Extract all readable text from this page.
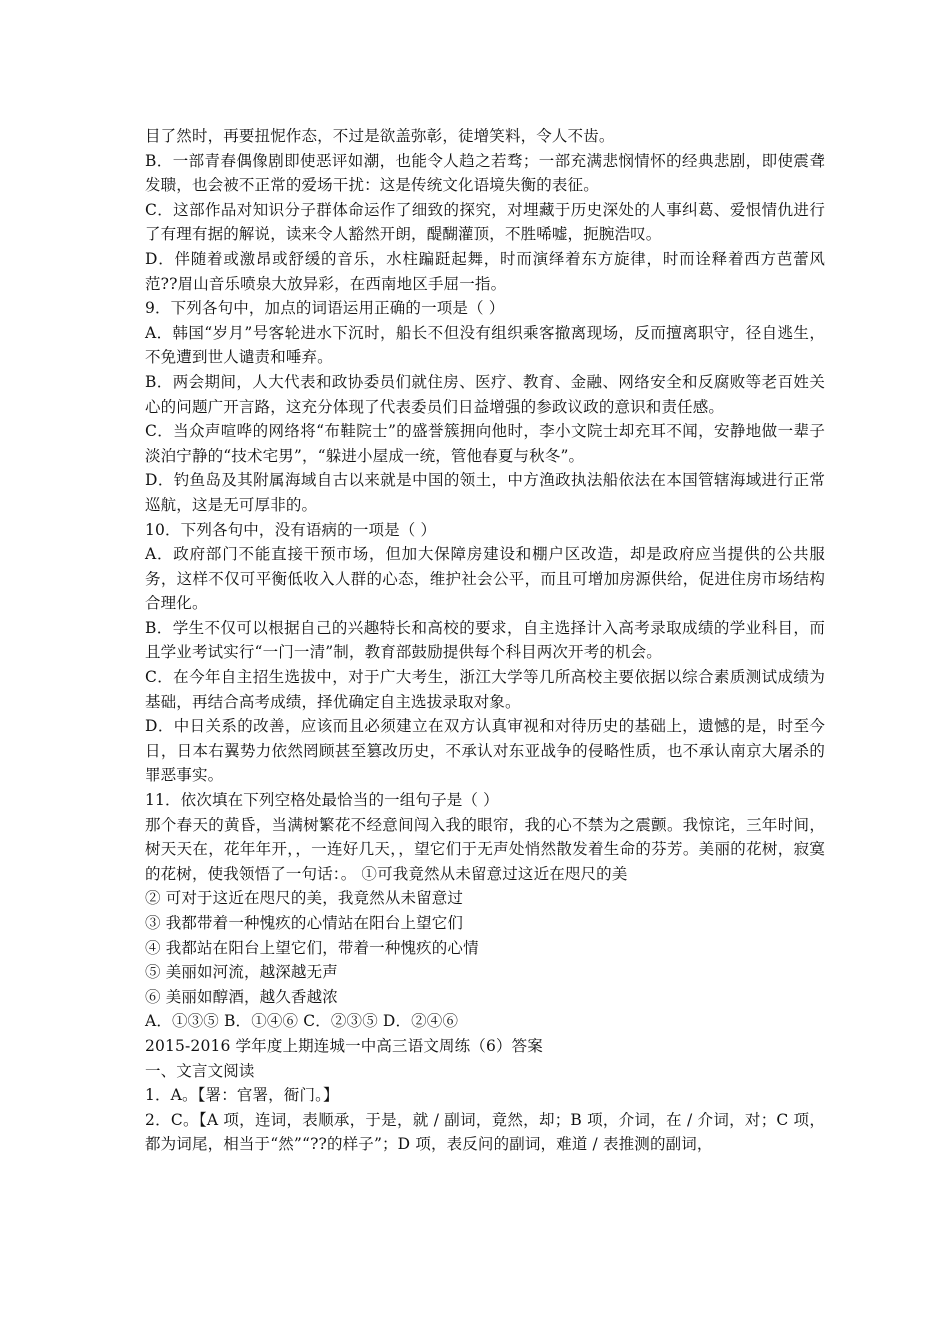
目了然时，再要扭怩作态，不过是欲盖弥彰，徒增笑料，令人不齿。

B．一部青春偶像剧即使恶评如潮，也能令人趋之若骛；一部充满悲悯情怀的经典悲剧，即使震聋发聩，也会被不正常的爱场干扰：这是传统文化语境失衡的表征。

C．这部作品对知识分子群体命运作了细致的探究，对埋藏于历史深处的人事纠葛、爱恨情仇进行了有理有据的解说，读来令人豁然开朗，醍醐灌顶，不胜唏嘘，扼腕浩叹。

D．伴随着或激昂或舒缓的音乐，水柱蹁跹起舞，时而演绎着东方旋律，时而诠释着西方芭蕾风范??眉山音乐喷泉大放异彩，在西南地区手屈一指。

9．下列各句中，加点的词语运用正确的一项是（ ）

A．韩国“岁月”号客轮进水下沉时，船长不但没有组织乘客撤离现场，反而擅离职守，径自逃生，不免遭到世人谴责和唾弃。

B．两会期间，人大代表和政协委员们就住房、医疗、教育、金融、网络安全和反腐败等老百姓关心的问题广开言路，这充分体现了代表委员们日益增强的参政议政的意识和责任感。

C．当众声喧哗的网络将“布鞋院士”的盛誉簇拥向他时，李小文院士却充耳不闻，安静地做一辈子淡泊宁静的“技术宅男”，“躲进小屋成一统，管他春夏与秋冬”。

D．钓鱼岛及其附属海域自古以来就是中国的领土，中方渔政执法船依法在本国管辖海域进行正常巡航，这是无可厚非的。

10．下列各句中，没有语病的一项是（ ）

A．政府部门不能直接干预市场，但加大保障房建设和棚户区改造，却是政府应当提供的公共服务，这样不仅可平衡低收入人群的心态，维护社会公平，而且可增加房源供给，促进住房市场结构合理化。

B．学生不仅可以根据自己的兴趣特长和高校的要求，自主选择计入高考录取成绩的学业科目，而且学业考试实行“一门一清”制，教育部鼓励提供每个科目两次开考的机会。

C．在今年自主招生选拔中，对于广大考生，浙江大学等几所高校主要依据以综合素质测试成绩为基础，再结合高考成绩，择优确定自主选拔录取对象。

D．中日关系的改善，应该而且必须建立在双方认真审视和对待历史的基础上，遗憾的是，时至今日，日本右翼势力依然罔顾甚至篡改历史，不承认对东亚战争的侵略性质，也不承认南京大屠杀的罪恶事实。

11．依次填在下列空格处最恰当的一组句子是（ ）

那个春天的黄昏，当满树繁花不经意间闯入我的眼帘，我的心不禁为之震颤。我惊诧，三年时间，树天天在，花年年开，，一连好几天，，望它们于无声处悄然散发着生命的芬芳。美丽的花树，寂寞的花树，使我领悟了一句话：。 ①可我竟然从未留意过这近在咫尺的美

② 可对于这近在咫尺的美，我竟然从未留意过

③ 我都带着一种愧疚的心情站在阳台上望它们

④ 我都站在阳台上望它们，带着一种愧疚的心情

⑤ 美丽如河流，越深越无声

⑥ 美丽如醇酒，越久香越浓

A．①③⑤ B．①④⑥ C．②③⑤ D．②④⑥

2015-2016 学年度上期连城一中高三语文周练（6）答案

一、文言文阅读

1．A。【署：官署，衙门。】

2．C。【A 项，连词，表顺承，于是，就 / 副词，竟然，却；B 项，介词，在 / 介词，对；C 项，都为词尾，相当于“然”“??的样子”；D 项，表反问的副词，难道 / 表推测的副词，
